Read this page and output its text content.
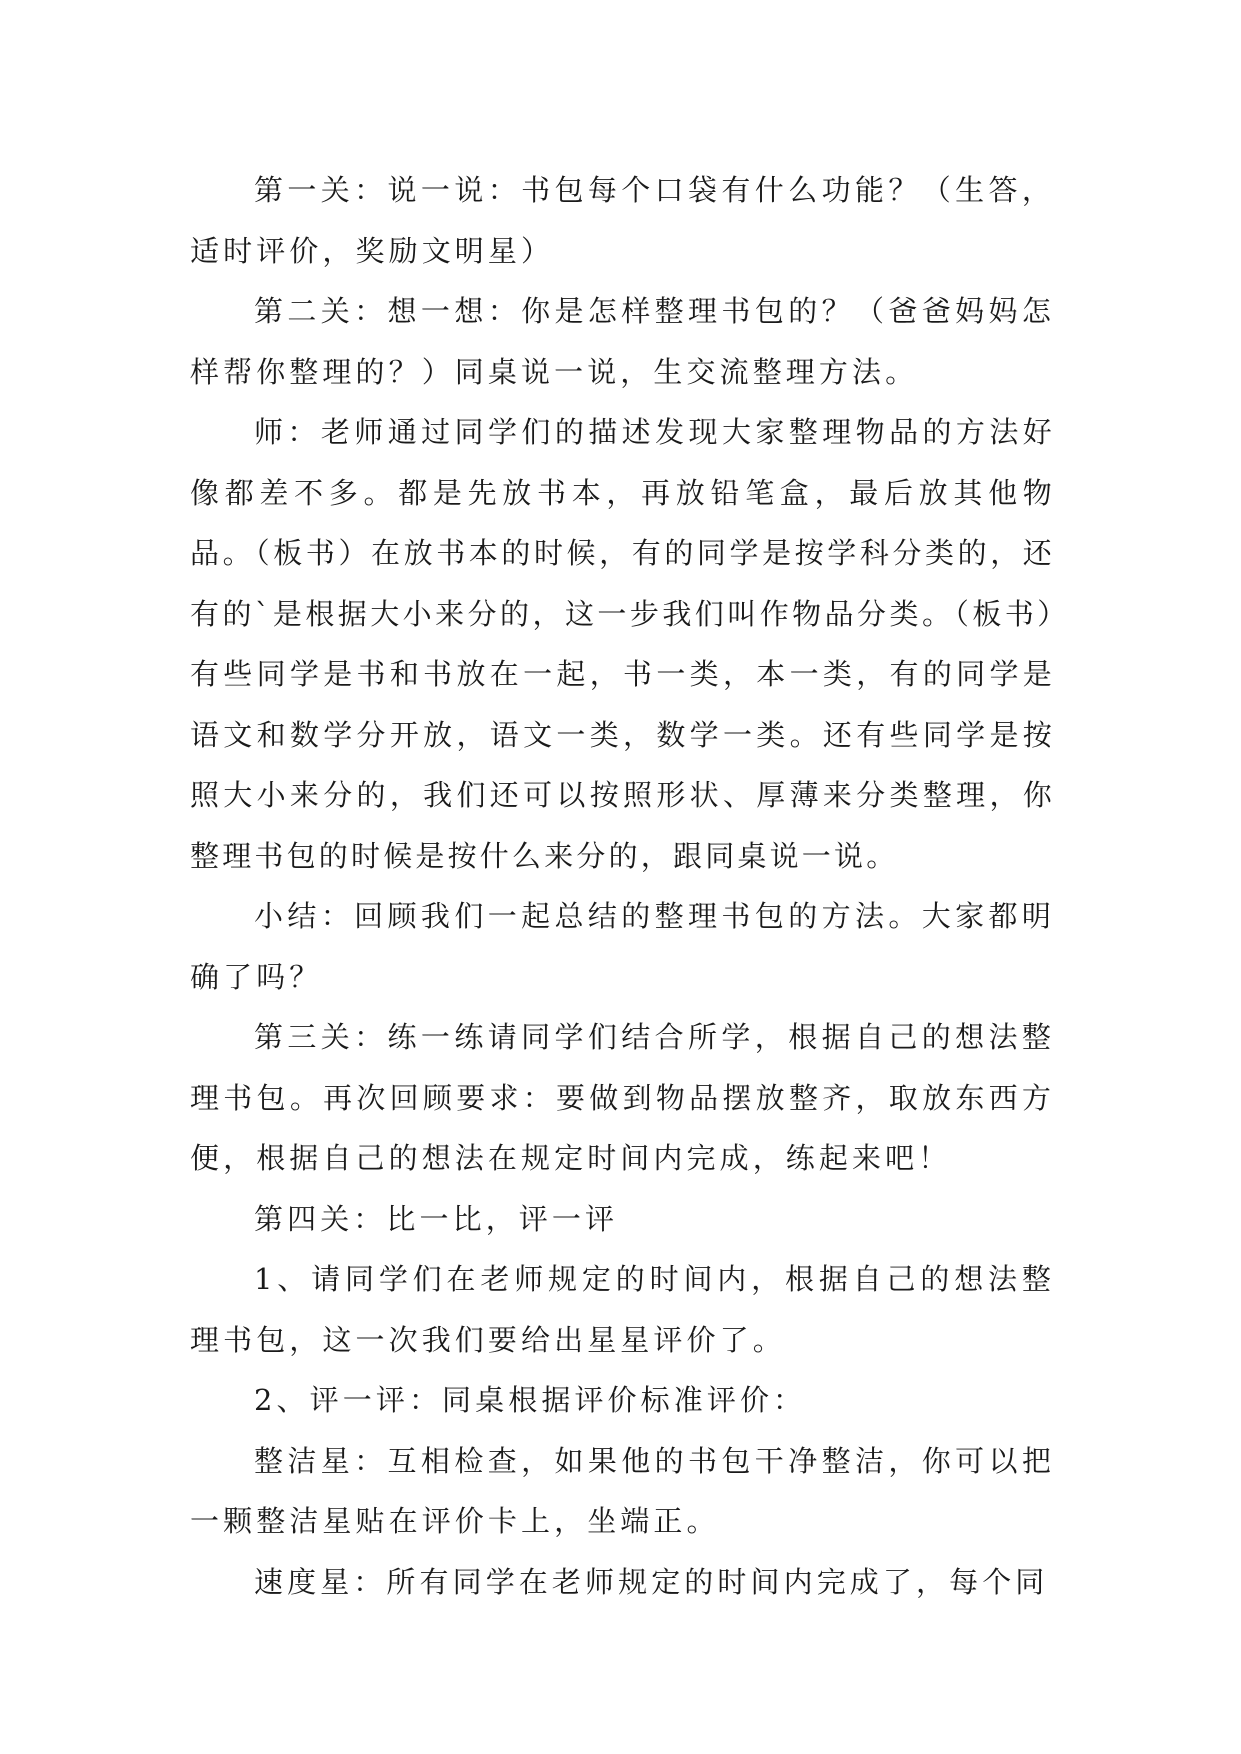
第一关：说一说：书包每个口袋有什么功能？（生答，适时评价，奖励文明星）

第二关：想一想：你是怎样整理书包的？（爸爸妈妈怎样帮你整理的？）同桌说一说，生交流整理方法。

师：老师通过同学们的描述发现大家整理物品的方法好像都差不多。都是先放书本，再放铅笔盒，最后放其他物品。（板书）在放书本的时候，有的同学是按学科分类的，还有的`是根据大小来分的，这一步我们叫作物品分类。（板书）有些同学是书和书放在一起，书一类，本一类，有的同学是语文和数学分开放，语文一类，数学一类。还有些同学是按照大小来分的，我们还可以按照形状、厚薄来分类整理，你整理书包的时候是按什么来分的，跟同桌说一说。

小结：回顾我们一起总结的整理书包的方法。大家都明确了吗？

第三关：练一练请同学们结合所学，根据自己的想法整理书包。再次回顾要求：要做到物品摆放整齐，取放东西方便，根据自己的想法在规定时间内完成，练起来吧！

第四关：比一比，评一评

1、请同学们在老师规定的时间内，根据自己的想法整理书包，这一次我们要给出星星评价了。

2、评一评：同桌根据评价标准评价：

整洁星：互相检查，如果他的书包干净整洁，你可以把一颗整洁星贴在评价卡上，坐端正。

速度星：所有同学在老师规定的时间内完成了，每个同
